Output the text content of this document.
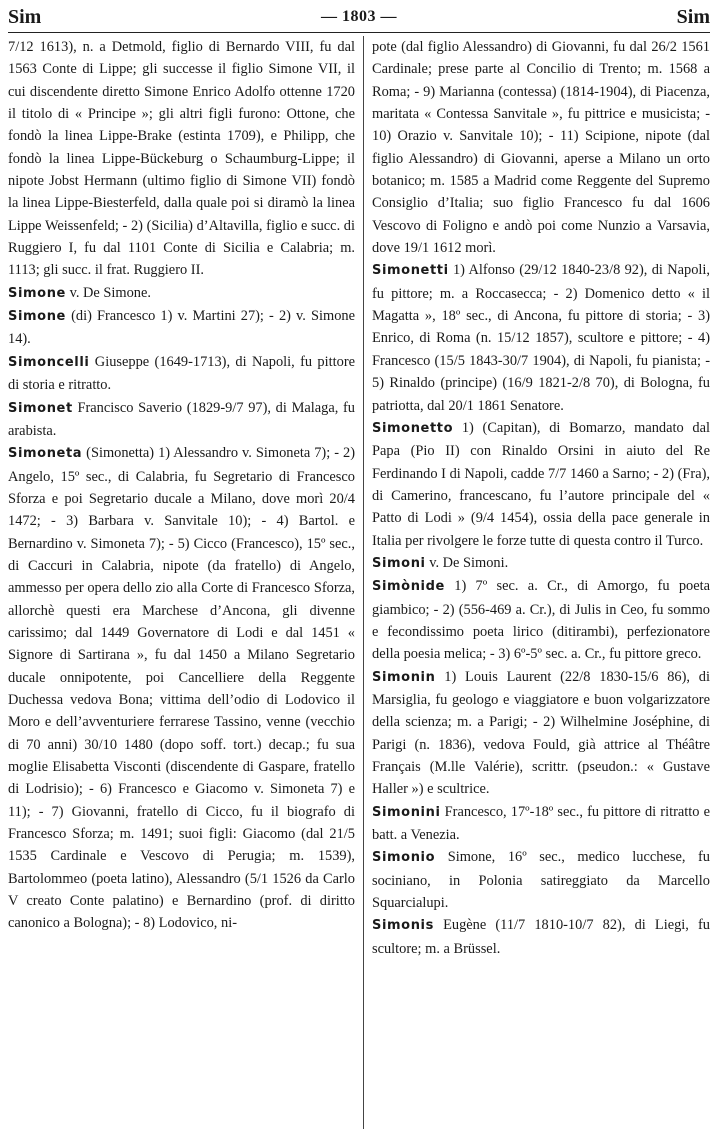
Sim	— 1803 —	Sim

7/12 1613), n. a Detmold, figlio di Bernardo VIII, fu dal 1563 Conte di Lippe; gli successe il figlio Simone VII, il cui discendente diretto Simone Enrico Adolfo ottenne 1720 il titolo di « Principe »; gli altri figli furono: Ottone, che fondò la linea Lippe-Brake (estinta 1709), e Philipp, che fondò la linea Lippe-Bückeburg o Schaumburg-Lippe; il nipote Jobst Hermann (ultimo figlio di Simone VII) fondò la linea Lippe-Biesterfeld, dalla quale poi si diramò la linea Lippe Weissenfeld; - 2) (Sicilia) d’Altavilla, figlio e succ. di Ruggiero I, fu dal 1101 Conte di Sicilia e Calabria; m. 1113; gli succ. il frat. Ruggiero II.

Simone v. De Simone.

Simone (di) Francesco 1) v. Martini 27); - 2) v. Simone 14).

Simoncelli Giuseppe (1649-1713), di Napoli, fu pittore di storia e ritratto.

Simonet Francisco Saverio (1829-9/7 97), di Malaga, fu arabista.

Simoneta (Simonetta) 1) Alessandro v. Simoneta 7); - 2) Angelo, 15º sec., di Calabria, fu Segretario di Francesco Sforza e poi Segretario ducale a Milano, dove morì 20/4 1472; - 3) Barbara v. Sanvitale 10); - 4) Bartol. e Bernardino v. Simoneta 7); - 5) Cicco (Francesco), 15º sec., di Caccuri in Calabria, nipote (da fratello) di Angelo, ammesso per opera dello zio alla Corte di Francesco Sforza, allorchè questi era Marchese d’Ancona, gli divenne carissimo; dal 1449 Governatore di Lodi e dal 1451 « Signore di Sartirana », fu dal 1450 a Milano Segretario ducale onnipotente, poi Cancelliere della Reggente Duchessa vedova Bona; vittima dell’odio di Lodovico il Moro e dell’avventuriere ferrarese Tassino, venne (vecchio di 70 anni) 30/10 1480 (dopo soff. tort.) decap.; fu sua moglie Elisabetta Visconti (discendente di Gaspare, fratello di Lodrisio); - 6) Francesco e Giacomo v. Simoneta 7) e 11); - 7) Giovanni, fratello di Cicco, fu il biografo di Francesco Sforza; m. 1491; suoi figli: Giacomo (dal 21/5 1535 Cardinale e Vescovo di Perugia; m. 1539), Bartolommeo (poeta latino), Alessandro (5/1 1526 da Carlo V creato Conte palatino) e Bernardino (prof. di diritto canonico a Bologna); - 8) Lodovico, ni-

pote (dal figlio Alessandro) di Giovanni, fu dal 26/2 1561 Cardinale; prese parte al Concilio di Trento; m. 1568 a Roma; - 9) Marianna (contessa) (1814-1904), di Piacenza, maritata « Contessa Sanvitale », fu pittrice e musicista; - 10) Orazio v. Sanvitale 10); - 11) Scipione, nipote (dal figlio Alessandro) di Giovanni, aperse a Milano un orto botanico; m. 1585 a Madrid come Reggente del Supremo Consiglio d’Italia; suo figlio Francesco fu dal 1606 Vescovo di Foligno e andò poi come Nunzio a Varsavia, dove 19/1 1612 morì.

Simonetti 1) Alfonso (29/12 1840-23/8 92), di Napoli, fu pittore; m. a Roccasecca; - 2) Domenico detto « il Magatta », 18º sec., di Ancona, fu pittore di storia; - 3) Enrico, di Roma (n. 15/12 1857), scultore e pittore; - 4) Francesco (15/5 1843-30/7 1904), di Napoli, fu pianista; - 5) Rinaldo (principe) (16/9 1821-2/8 70), di Bologna, fu patriotta, dal 20/1 1861 Senatore.

Simonetto 1) (Capitan), di Bomarzo, mandato dal Papa (Pio II) con Rinaldo Orsini in aiuto del Re Ferdinando I di Napoli, cadde 7/7 1460 a Sarno; - 2) (Fra), di Camerino, francescano, fu l’autore principale del « Patto di Lodi » (9/4 1454), ossia della pace generale in Italia per rivolgere le forze tutte di questa contro il Turco.

Simoni v. De Simoni.

Simònide 1) 7º sec. a. Cr., di Amorgo, fu poeta giambico; - 2) (556-469 a. Cr.), di Julis in Ceo, fu sommo e fecondissimo poeta lirico (ditirambi), perfezionatore della poesia melica; - 3) 6º-5º sec. a. Cr., fu pittore greco.

Simonin 1) Louis Laurent (22/8 1830-15/6 86), di Marsiglia, fu geologo e viaggiatore e buon volgarizzatore della scienza; m. a Parigi; - 2) Wilhelmine Joséphine, di Parigi (n. 1836), vedova Fould, già attrice al Théâtre Français (M.lle Valérie), scrittr. (pseudon.: « Gustave Haller ») e scultrice.

Simonini Francesco, 17º-18º sec., fu pittore di ritratto e batt. a Venezia.

Simonio Simone, 16º sec., medico lucchese, fu sociniano, in Polonia satireggiato da Marcello Squarcialupi.

Simonis Eugène (11/7 1810-10/7 82), di Liegi, fu scultore; m. a Brüssel.
